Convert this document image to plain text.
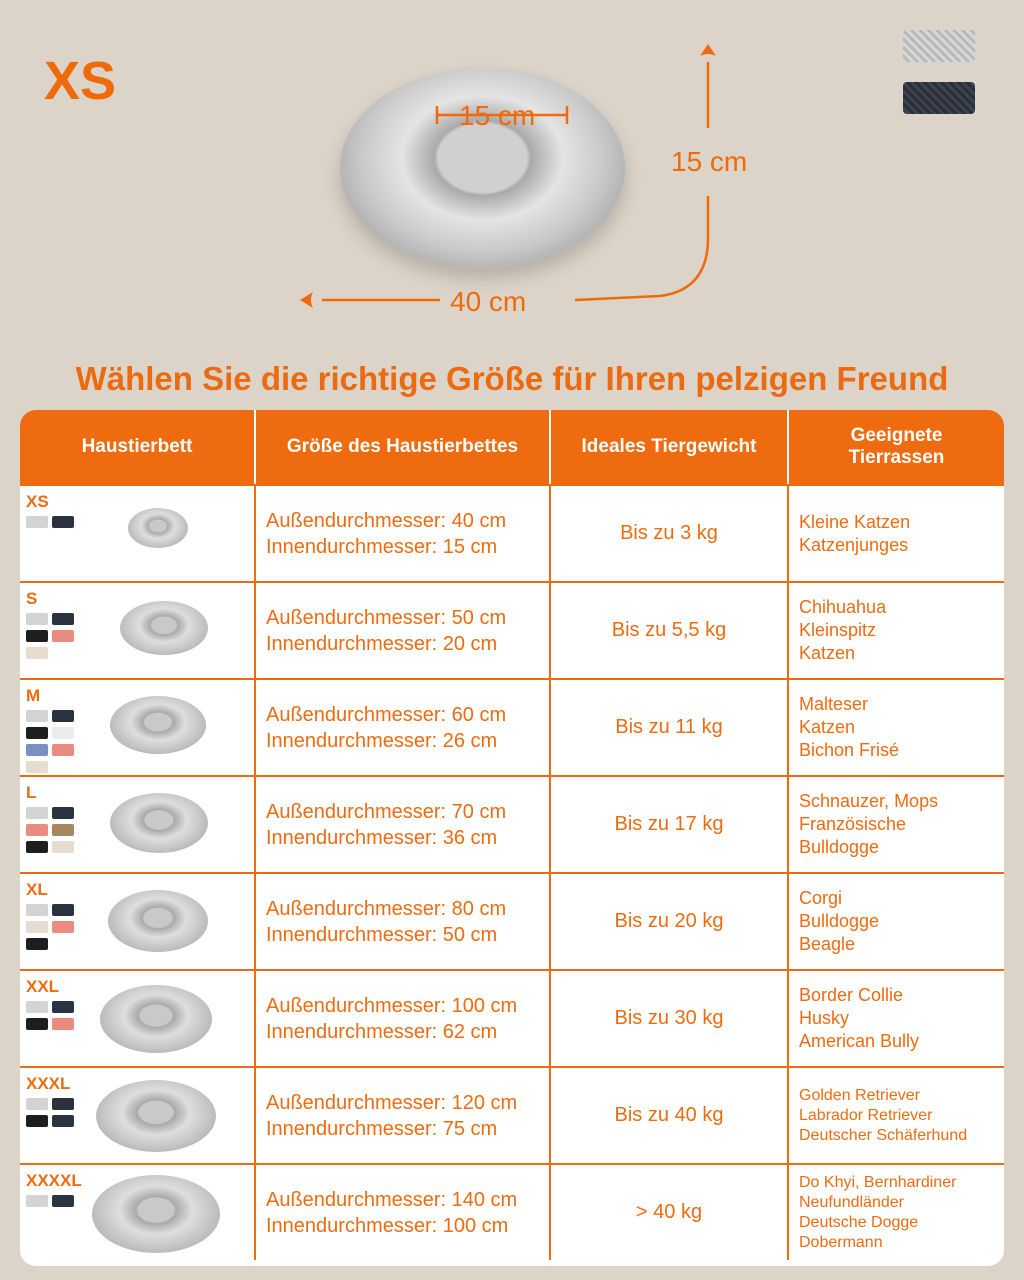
XS
15 cm
15 cm
40 cm
Wählen Sie die richtige Größe für Ihren pelzigen Freund
Haustierbett	Größe des Haustierbettes	Ideales Tiergewicht
Geeignete Tierrassen
XS
Außendurchmesser: 40 cm
Innendurchmesser: 15 cm
Bis zu 3 kg
Kleine Katzen
Katzenjunges
S
Außendurchmesser: 50 cm
Innendurchmesser: 20 cm
Bis zu 5,5 kg
Chihuahua
Kleinspitz
Katzen
M
Außendurchmesser: 60 cm
Innendurchmesser: 26 cm
Bis zu 11 kg
Malteser
Katzen
Bichon Frisé
L
Außendurchmesser: 70 cm
Innendurchmesser: 36 cm
Bis zu 17 kg
Schnauzer, Mops
Französische
Bulldogge
XL
Außendurchmesser: 80 cm
Innendurchmesser: 50 cm
Bis zu 20 kg
Corgi
Bulldogge
Beagle
XXL
Außendurchmesser: 100 cm
Innendurchmesser: 62 cm
Bis zu 30 kg
Border Collie
Husky
American Bully
XXXL
Außendurchmesser: 120 cm
Innendurchmesser: 75 cm
Bis zu 40 kg
Golden Retriever
Labrador Retriever
Deutscher Schäferhund
XXXXL
Außendurchmesser: 140 cm
Innendurchmesser: 100 cm
> 40 kg
Do Khyi, Bernhardiner
Neufundländer
Deutsche Dogge
Dobermann
